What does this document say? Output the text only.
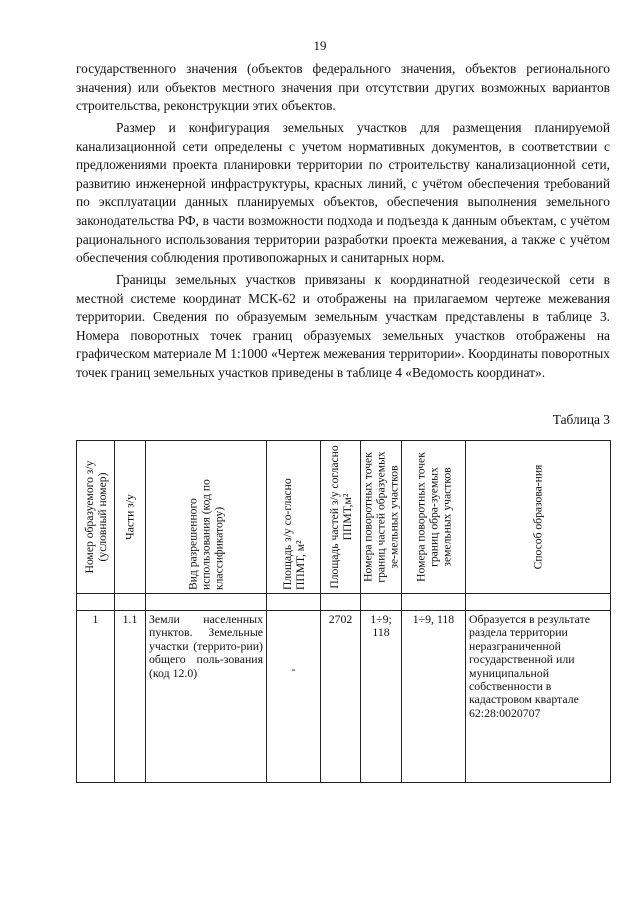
19

государственного значения (объектов федерального значения, объектов регионального значения) или объектов местного значения при отсутствии других возможных вариантов строительства, реконструкции этих объектов.

Размер и конфигурация земельных участков для размещения планируемой канализационной сети определены с учетом нормативных документов, в соответствии с предложениями проекта планировки территории по строительству канализационной сети, развитию инженерной инфраструктуры, красных линий, с учётом обеспечения требований по эксплуатации данных планируемых объектов, обеспечения выполнения земельного законодательства РФ, в части возможности подхода и подъезда к данным объектам, с учётом рационального использования территории разработки проекта межевания, а также с учётом обеспечения соблюдения противопожарных и санитарных норм.

Границы земельных участков привязаны к координатной геодезической сети в местной системе координат МСК-62 и отображены на прилагаемом чертеже межевания территории. Сведения по образуемым земельным участкам представлены в таблице 3. Номера поворотных точек границ образуемых земельных участков отображены на графическом материале М 1:1000 «Чертеж межевания территории». Координаты поворотных точек границ земельных участков приведены в таблице 4 «Ведомость координат».

Таблица 3
Номер образуемого з/у (условный номер)	Части з/у	Вид разрешенного использования (код по классификатору)	Площадь з/у со-гласно ППМТ, м²	Площадь частей з/у согласно ППМТ,м²	Номера поворотных точек границ частей образуемых зе-мельных участков	Номера поворотных точек границ обра-зуемых земельных участков	Способ образова-ния

1	1.1	Земли населенных пунктов. Земельные участки (террито-рии) общего поль-зования (код 12.0)	-	2702	1÷9; 118	1÷9, 118	Образуется в результате раздела территории неразграниченной государственной или муниципальной собственности в кадастровом квартале 62:28:0020707
